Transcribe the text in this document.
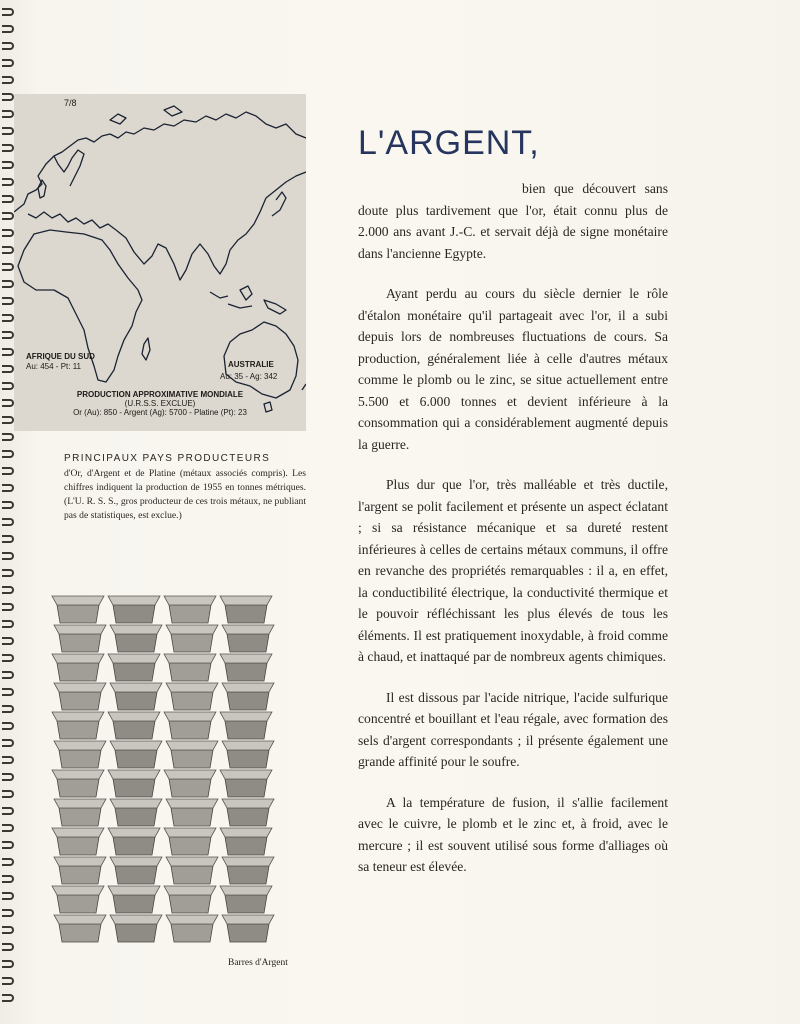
7/8
AFRIQUE DU SUD
Au: 454 - Pt: 11	AUSTRALIE
Au: 35 - Ag: 342
PRODUCTION APPROXIMATIVE MONDIALE
(U.R.S.S. EXCLUE)
Or (Au): 850 - Argent (Ag): 5700 - Platine (Pt): 23
PRINCIPAUX PAYS PRODUCTEURS
d'Or, d'Argent et de Platine (métaux associés compris). Les chiffres indiquent la production de 1955 en tonnes métriques. (L'U. R. S. S., gros producteur de ces trois métaux, ne publiant pas de statistiques, est exclue.)
Barres d'Argent
L'ARGENT,

bien que découvert sans doute plus tardivement que l'or, était connu plus de 2.000 ans avant J.-C. et servait déjà de signe monétaire dans l'ancienne Egypte.

Ayant perdu au cours du siècle dernier le rôle d'étalon monétaire qu'il partageait avec l'or, il a subi depuis lors de nombreuses fluctuations de cours. Sa production, généralement liée à celle d'autres métaux comme le plomb ou le zinc, se situe actuellement entre 5.500 et 6.000 tonnes et devient inférieure à la consommation qui a considérablement augmenté depuis la guerre.

Plus dur que l'or, très malléable et très ductile, l'argent se polit facilement et présente un aspect éclatant ; si sa résistance mécanique et sa dureté restent inférieures à celles de certains métaux communs, il offre en revanche des propriétés remarquables : il a, en effet, la conductibilité électrique, la conductivité thermique et le pouvoir réfléchissant les plus élevés de tous les éléments. Il est pratiquement inoxydable, à froid comme à chaud, et inattaqué par de nombreux agents chimiques.

Il est dissous par l'acide nitrique, l'acide sulfurique concentré et bouillant et l'eau régale, avec formation des sels d'argent correspondants ; il présente également une grande affinité pour le soufre.

A la température de fusion, il s'allie facilement avec le cuivre, le plomb et le zinc et, à froid, avec le mercure ; il est souvent utilisé sous forme d'alliages où sa teneur est élevée.
